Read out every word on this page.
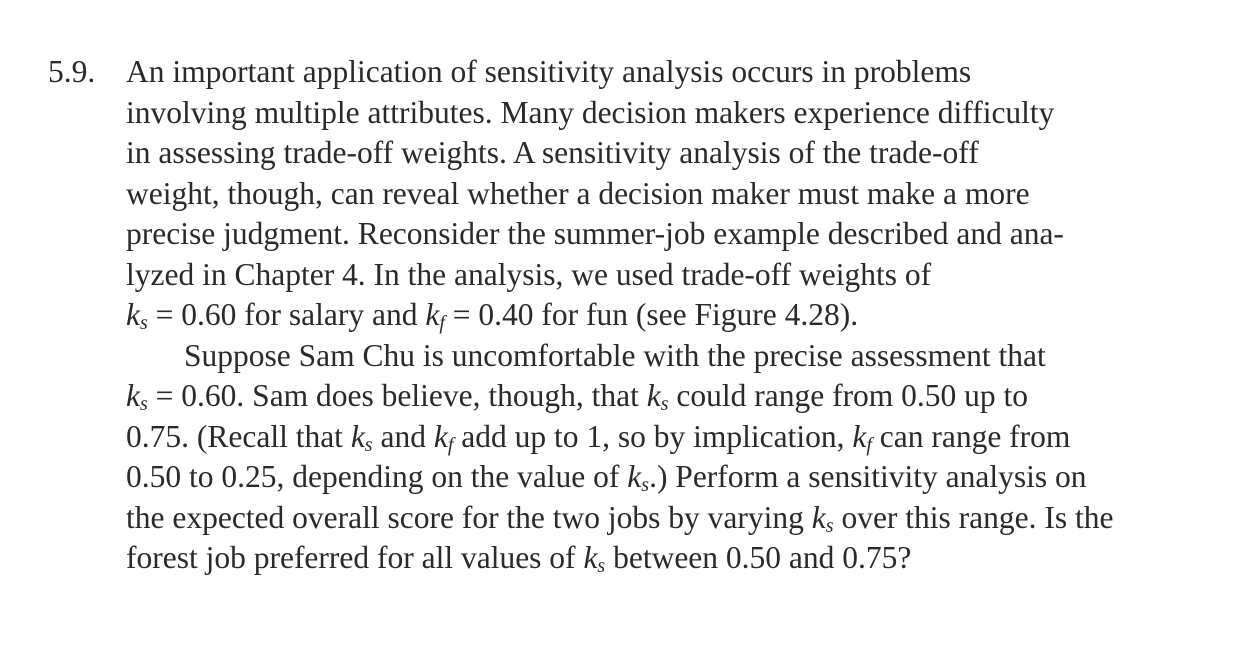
5.9. An important application of sensitivity analysis occurs in problems
involving multiple attributes. Many decision makers experience difficulty
in assessing trade-off weights. A sensitivity analysis of the trade-off
weight, though, can reveal whether a decision maker must make a more
precise judgment. Reconsider the summer-job example described and ana-
lyzed in Chapter 4. In the analysis, we used trade-off weights of
$k_s = 0.60$ for salary and $k_f = 0.40$ for fun (see Figure 4.28).
Suppose Sam Chu is uncomfortable with the precise assessment that
$k_s = 0.60$. Sam does believe, though, that $k_s$ could range from 0.50 up to
0.75. (Recall that $k_s$ and $k_f$ add up to 1, so by implication, $k_f$ can range from
0.50 to 0.25, depending on the value of $k_s$.) Perform a sensitivity analysis on
the expected overall score for the two jobs by varying $k_s$ over this range. Is the
forest job preferred for all values of $k_s$ between 0.50 and 0.75?
